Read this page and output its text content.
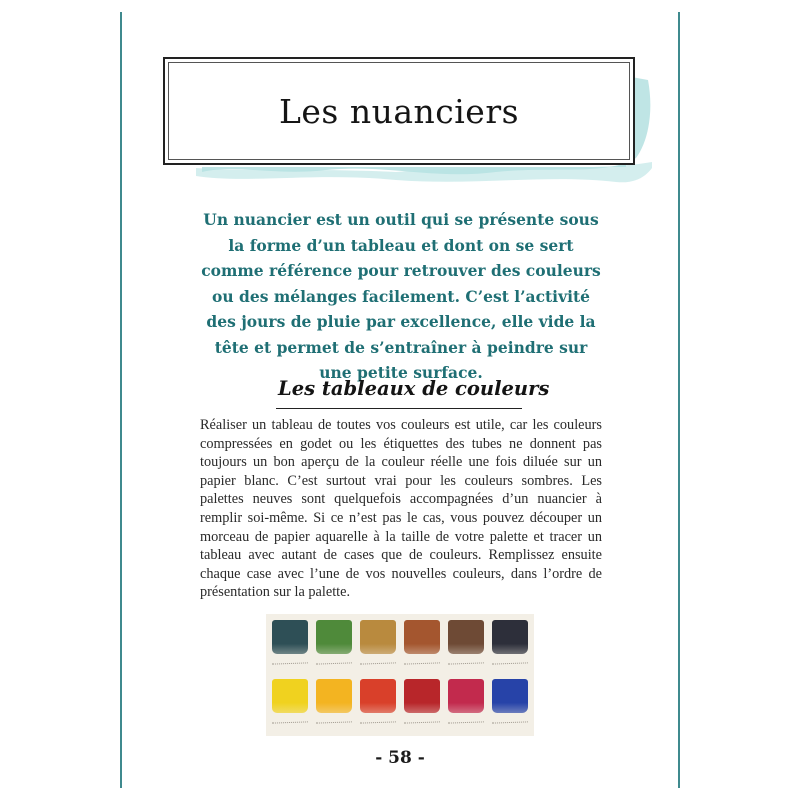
Les nuanciers

Un nuancier est un outil qui se présente sous la forme d’un tableau et dont on se sert comme référence pour retrouver des couleurs ou des mélanges facilement. C’est l’activité des jours de pluie par excellence, elle vide la tête et permet de s’entraîner à peindre sur une petite surface.

Les tableaux de couleurs

Réaliser un tableau de toutes vos couleurs est utile, car les couleurs compressées en godet ou les étiquettes des tubes ne donnent pas toujours un bon aperçu de la couleur réelle une fois diluée sur un papier blanc. C’est surtout vrai pour les couleurs sombres. Les palettes neuves sont quelquefois accompagnées d’un nuancier à remplir soi-même. Si ce n’est pas le cas, vous pouvez découper un morceau de papier aquarelle à la taille de votre palette et tracer un tableau avec autant de cases que de couleurs. Remplissez ensuite chaque case avec l’une de vos nouvelles couleurs, dans l’ordre de présentation sur la palette.

- 58 -
